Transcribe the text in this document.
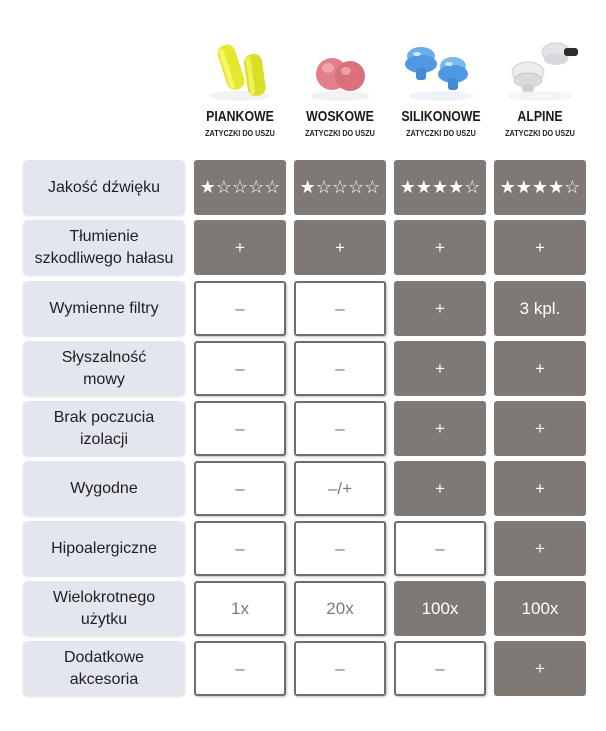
PIANKOWE
ZATYCZKI DO USZU
WOSKOWE
ZATYCZKI DO USZU
SILIKONOWE
ZATYCZKI DO USZU
ALPINE
ZATYCZKI DO USZU
Jakość dźwięku	★☆☆☆☆	★☆☆☆☆	★★★★☆	★★★★☆
Tłumienie
szkodliwego hałasu
+	+	+	+
Wymienne filtry	–	–	+	3 kpl.
Słyszalność
mowy
–	–	+	+
Brak poczucia
izolacji
–	–	+	+
Wygodne	–	–/+	+	+
Hipoalergiczne	–	–	–	+
Wielokrotnego
użytku
1x	20x	100x	100x
Dodatkowe
akcesoria
–	–	–	+
